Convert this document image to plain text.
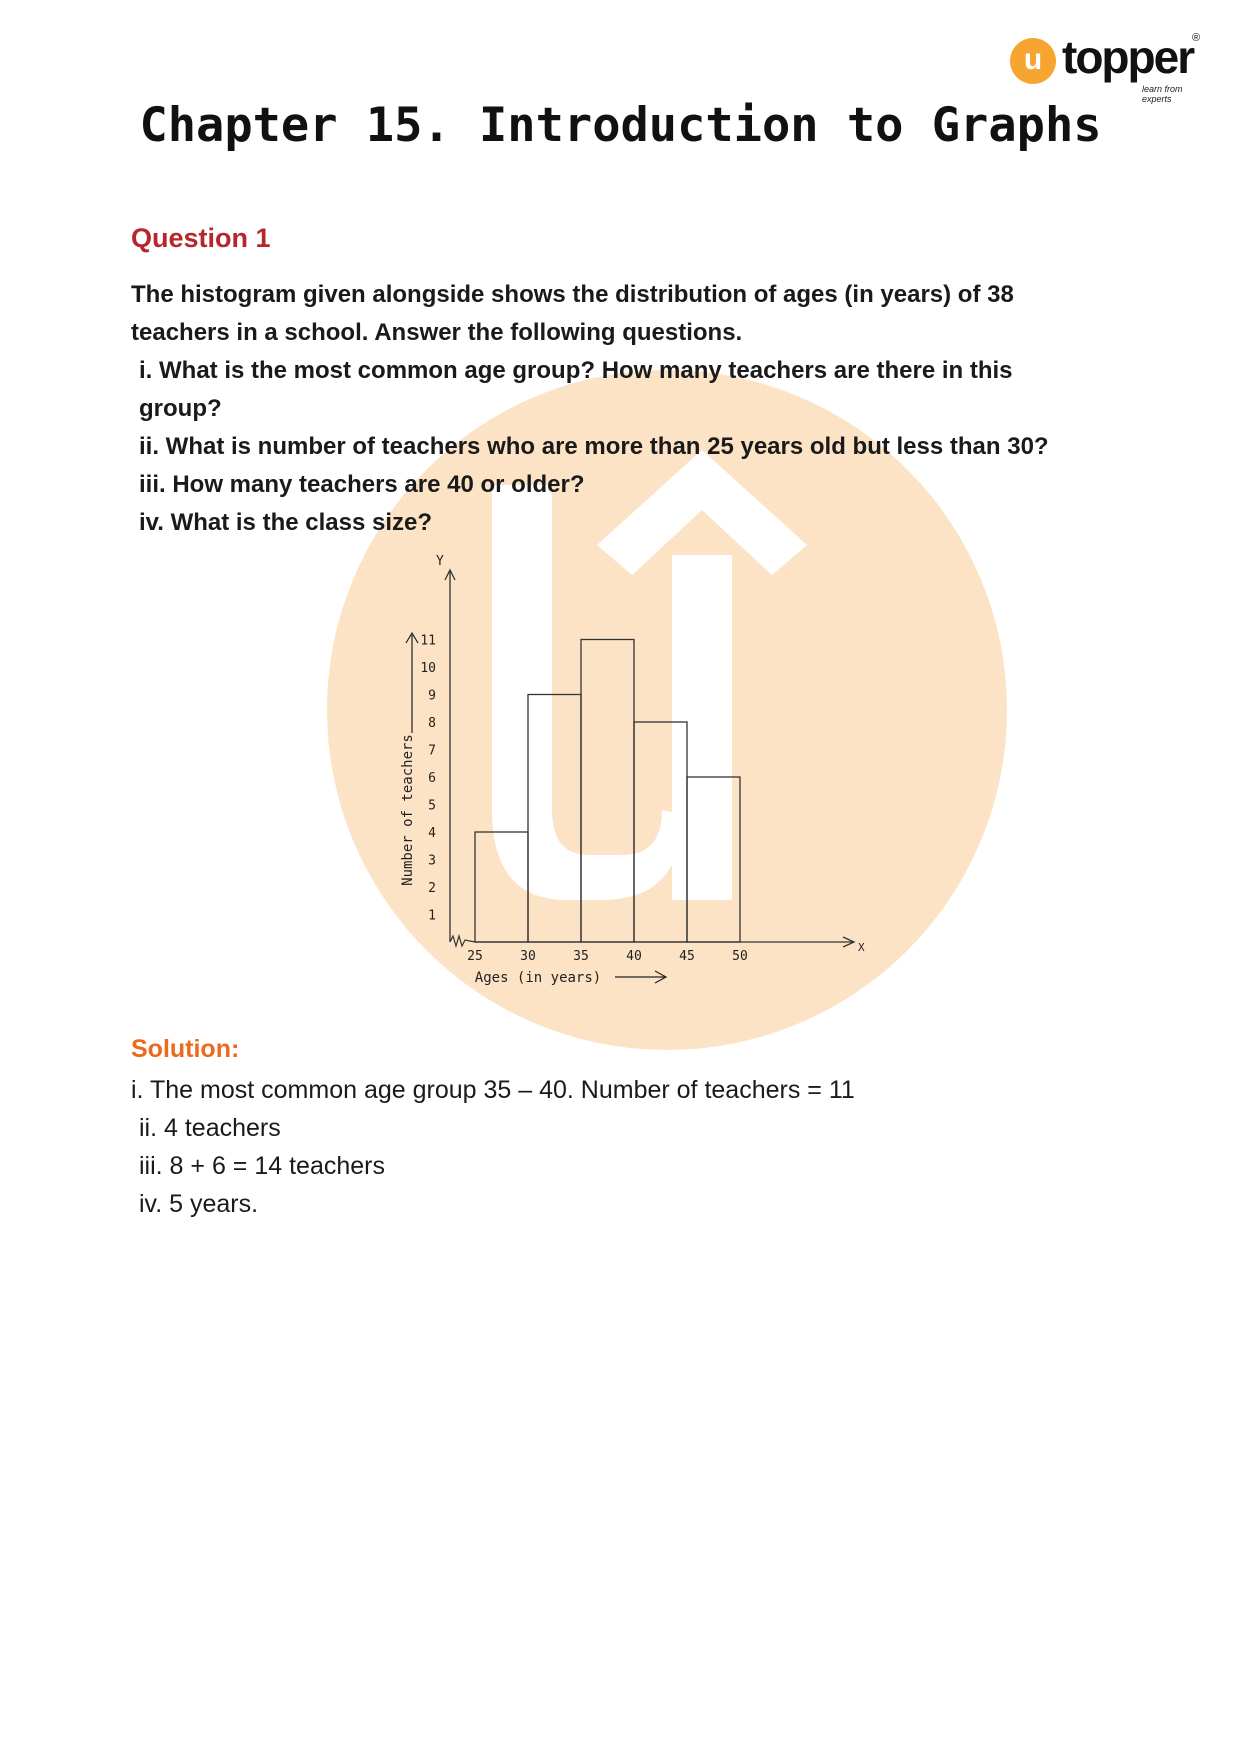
u topper
®
learn from experts
Chapter 15. Introduction to Graphs
Question 1

The histogram given alongside shows the distribution of ages (in years) of 38

teachers in a school. Answer the following questions.

i. What is the most common age group? How many teachers are there in this

group?

ii. What is number of teachers who are more than 25 years old but less than 30?

iii. How many teachers are 40 or older?

iv. What is the class size?

25	30	35	40	45	50
1
2
3
4
5
6
7
8
9
10
11
Number of teachers
Ages (in years)
X
Y
Solution:

i. The most common age group 35 – 40. Number of teachers = 11

ii. 4 teachers

iii. 8 + 6 = 14 teachers

iv. 5 years.
